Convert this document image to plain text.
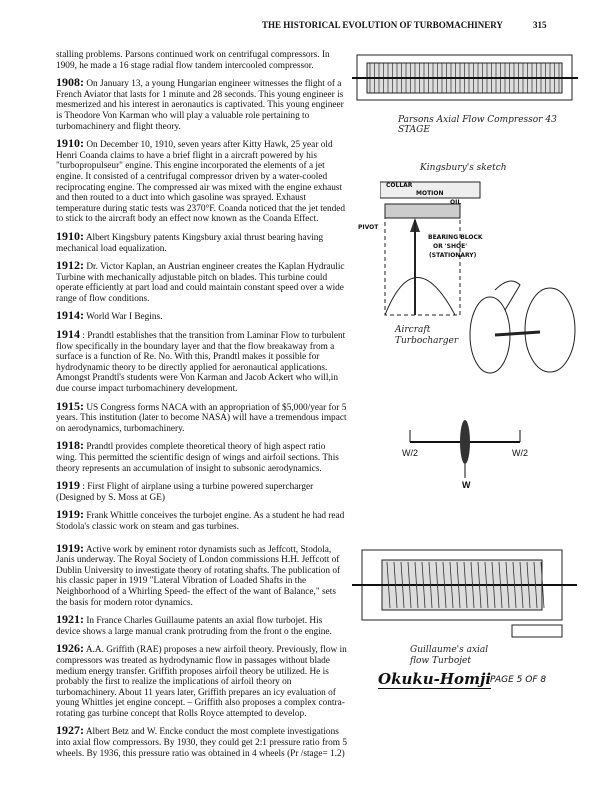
THE HISTORICAL EVOLUTION OF TURBOMACHINERY	315
stalling problems. Parsons continued work on centrifugal compressors. In 1909, he made a 16 stage radial flow tandem intercooled compressor.
1908: On January 13, a young Hungarian engineer witnesses the flight of a French Aviator that lasts for 1 minute and 28 seconds. This young engineer is mesmerized and his interest in aeronautics is captivated. This young engineer is Theodore Von Karman who will play a valuable role pertaining to turbomachinery and flight theory.
1910: On December 10, 1910, seven years after Kitty Hawk, 25 year old Henri Coanda claims to have a brief flight in a aircraft powered by his "turbopropulseur" engine. This engine incorporated the elements of a jet engine. It consisted of a centrifugal compressor driven by a water-cooled reciprocating engine. The compressed air was mixed with the engine exhaust and then routed to a duct into which gasoline was sprayed. Exhaust temperature during static tests was 2370°F. Coanda noticed that the jet tended to stick to the aircraft body an effect now known as the Coanda Effect.
1910: Albert Kingsbury patents Kingsbury axial thrust bearing having mechanical load equalization.
1912: Dr. Victor Kaplan, an Austrian engineer creates the Kaplan Hydraulic Turbine with mechanically adjustable pitch on blades. This turbine could operate efficiently at part load and could maintain constant speed over a wide range of flow conditions.
1914: World War I Begins.
1914 : Prandtl establishes that the transition from Laminar Flow to turbulent flow specifically in the boundary layer and that the flow breakaway from a surface is a function of Re. No. With this, Prandtl makes it possible for hydrodynamic theory to be directly applied for aeronautical applications. Amongst Prandtl's students were Von Karman and Jacob Ackert who will,in due course impact turbomachinery development.
1915: US Congress forms NACA with an appropriation of $5,000/year for 5 years. This institution (later to become NASA) will have a tremendous impact on aerodynamics, turbomachinery.
1918: Prandtl provides complete theoretical theory of high aspect ratio wing. This permitted the scientific design of wings and airfoil sections. This theory represents an accumulation of insight to subsonic aerodynamics.
1919 : First Flight of airplane using a turbine powered supercharger (Designed by S. Moss at GE)
1919: Frank Whittle conceives the turbojet engine. As a student he had read Stodola's classic work on steam and gas turbines.
1919: Active work by eminent rotor dynamists such as Jeffcott, Stodola, Janis underway. The Royal Society of London commissions H.H. Jeffcott of Dublin University to investigate theory of rotating shafts. The publication of his classic paper in 1919 "Lateral Vibration of Loaded Shafts in the Neighborhood of a Whirling Speed- the effect of the want of Balance," sets the basis for modern rotor dynamics.
1921: In France Charles Guillaume patents an axial flow turbojet. His device shows a large manual crank protruding from the front o the engine.
1926: A.A. Griffith (RAE) proposes a new airfoil theory. Previously, flow in compressors was treated as hydrodynamic flow in passages without blade medium energy transfer. Griffith proposes airfoil theory be utilized. He is probably the first to realize the implications of airfoil theory on turbomachinery. About 11 years later, Griffith prepares an icy evaluation of young Whittles jet engine concept. – Griffith also proposes a complex contra-rotating gas turbine concept that Rolls Royce attempted to develop.
1927: Albert Betz and W. Encke conduct the most complete investigations into axial flow compressors. By 1930, they could get 2:1 pressure ratio from 5 wheels. By 1936, this pressure ratio was obtained in 4 wheels (Pr /stage= 1.2)
Parsons Axial Flow Compressor 43 STAGE
Kingsbury's sketch
COLLAR
MOTION
OIL
PIVOT
BEARING BLOCK
OR 'SHOE'
(STATIONARY)
Aircraft Turbocharger
W/2	W/2
W
Guillaume's axial flow Turbojet
Okuku-Homji
PAGE 5 OF 8
